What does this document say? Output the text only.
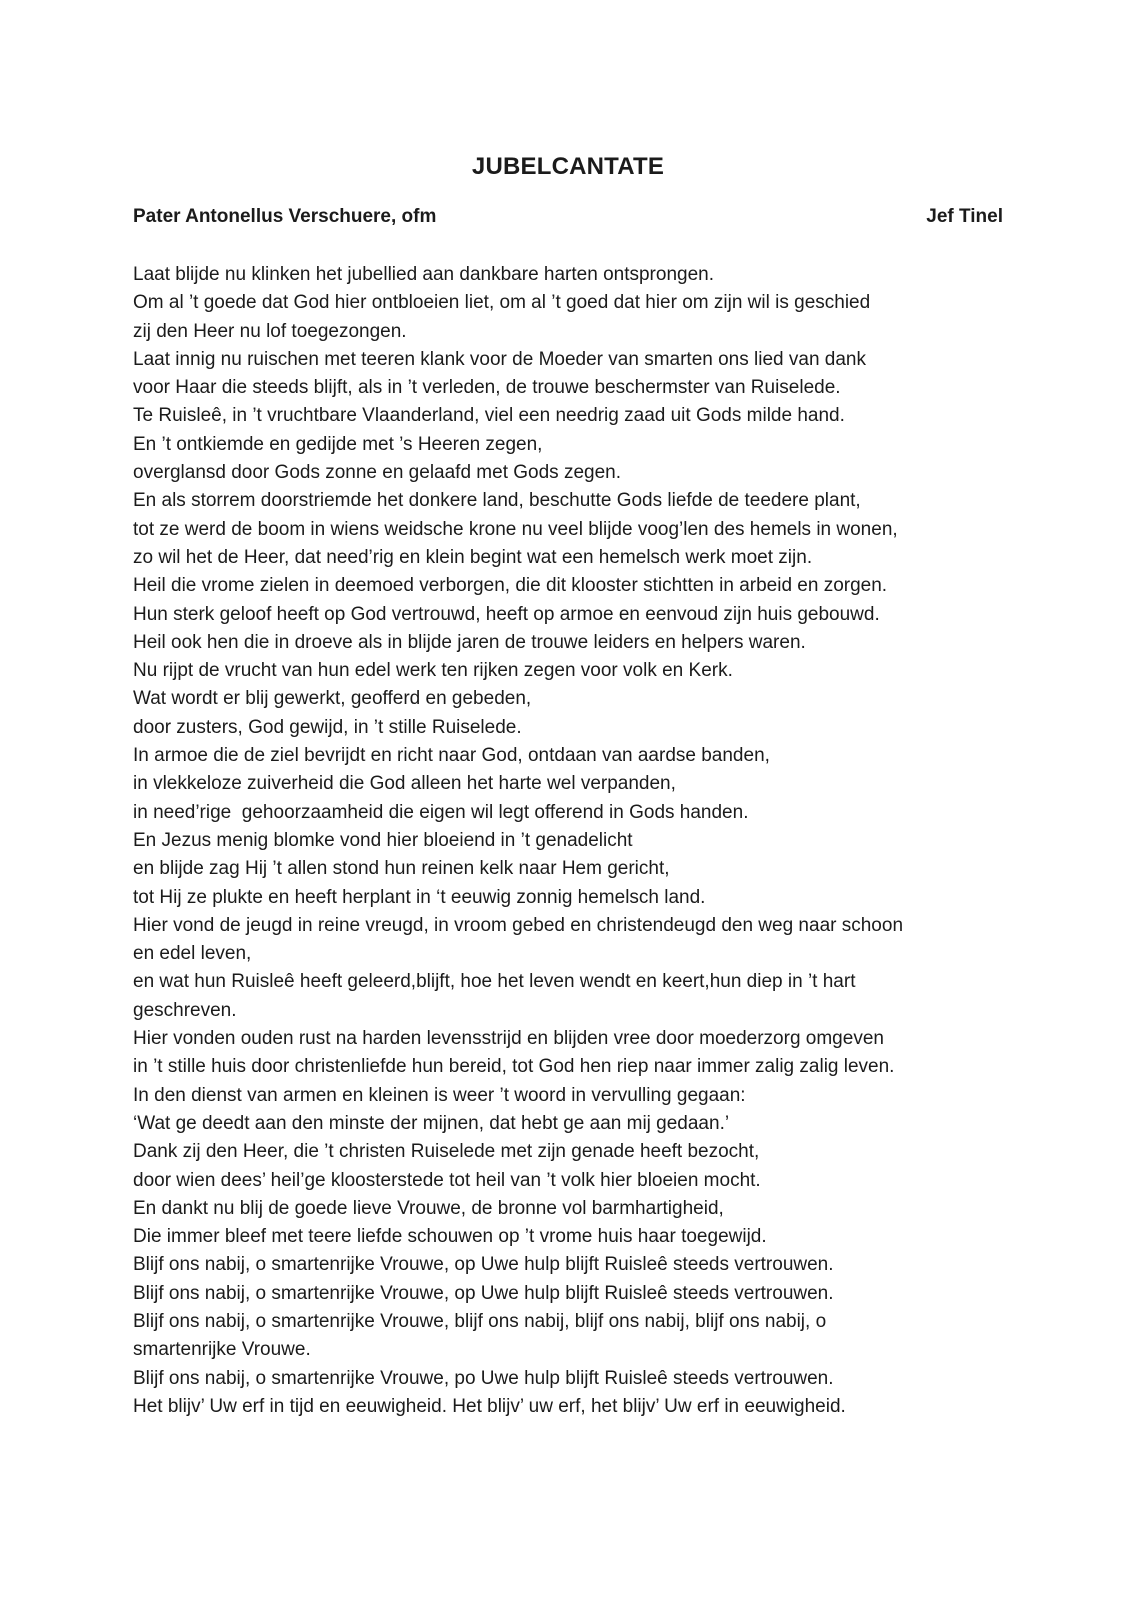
JUBELCANTATE
Pater Antonellus Verschuere, ofm	Jef Tinel
Laat blijde nu klinken het jubellied aan dankbare harten ontsprongen.
Om al ’t goede dat God hier ontbloeien liet, om al ’t goed dat hier om zijn wil is geschied
zij den Heer nu lof toegezongen.
Laat innig nu ruischen met teeren klank voor de Moeder van smarten ons lied van dank
voor Haar die steeds blijft, als in ’t verleden, de trouwe beschermster van Ruiselede.
Te Ruisleê, in ’t vruchtbare Vlaanderland, viel een needrig zaad uit Gods milde hand.
En ’t ontkiemde en gedijde met ’s Heeren zegen,
overglansd door Gods zonne en gelaafd met Gods zegen.
En als storrem doorstriemde het donkere land, beschutte Gods liefde de teedere plant,
tot ze werd de boom in wiens weidsche krone nu veel blijde voog’len des hemels in wonen,
zo wil het de Heer, dat need’rig en klein begint wat een hemelsch werk moet zijn.
Heil die vrome zielen in deemoed verborgen, die dit klooster stichtten in arbeid en zorgen.
Hun sterk geloof heeft op God vertrouwd, heeft op armoe en eenvoud zijn huis gebouwd.
Heil ook hen die in droeve als in blijde jaren de trouwe leiders en helpers waren.
Nu rijpt de vrucht van hun edel werk ten rijken zegen voor volk en Kerk.
Wat wordt er blij gewerkt, geofferd en gebeden,
door zusters, God gewijd, in ’t stille Ruiselede.
In armoe die de ziel bevrijdt en richt naar God, ontdaan van aardse banden,
in vlekkeloze zuiverheid die God alleen het harte wel verpanden,
in need’rige  gehoorzaamheid die eigen wil legt offerend in Gods handen.
En Jezus menig blomke vond hier bloeiend in ’t genadelicht
en blijde zag Hij ’t allen stond hun reinen kelk naar Hem gericht,
tot Hij ze plukte en heeft herplant in ‘t eeuwig zonnig hemelsch land.
Hier vond de jeugd in reine vreugd, in vroom gebed en christendeugd den weg naar schoon
en edel leven,
en wat hun Ruisleê heeft geleerd,blijft, hoe het leven wendt en keert,hun diep in ’t hart
geschreven.
Hier vonden ouden rust na harden levensstrijd en blijden vree door moederzorg omgeven
in ’t stille huis door christenliefde hun bereid, tot God hen riep naar immer zalig zalig leven.
In den dienst van armen en kleinen is weer ’t woord in vervulling gegaan:
‘Wat ge deedt aan den minste der mijnen, dat hebt ge aan mij gedaan.’
Dank zij den Heer, die ’t christen Ruiselede met zijn genade heeft bezocht,
door wien dees’ heil’ge kloosterstede tot heil van ’t volk hier bloeien mocht.
En dankt nu blij de goede lieve Vrouwe, de bronne vol barmhartigheid,
Die immer bleef met teere liefde schouwen op ’t vrome huis haar toegewijd.
Blijf ons nabij, o smartenrijke Vrouwe, op Uwe hulp blijft Ruisleê steeds vertrouwen.
Blijf ons nabij, o smartenrijke Vrouwe, op Uwe hulp blijft Ruisleê steeds vertrouwen.
Blijf ons nabij, o smartenrijke Vrouwe, blijf ons nabij, blijf ons nabij, blijf ons nabij, o
smartenrijke Vrouwe.
Blijf ons nabij, o smartenrijke Vrouwe, po Uwe hulp blijft Ruisleê steeds vertrouwen.
Het blijv’ Uw erf in tijd en eeuwigheid. Het blijv’ uw erf, het blijv’ Uw erf in eeuwigheid.
